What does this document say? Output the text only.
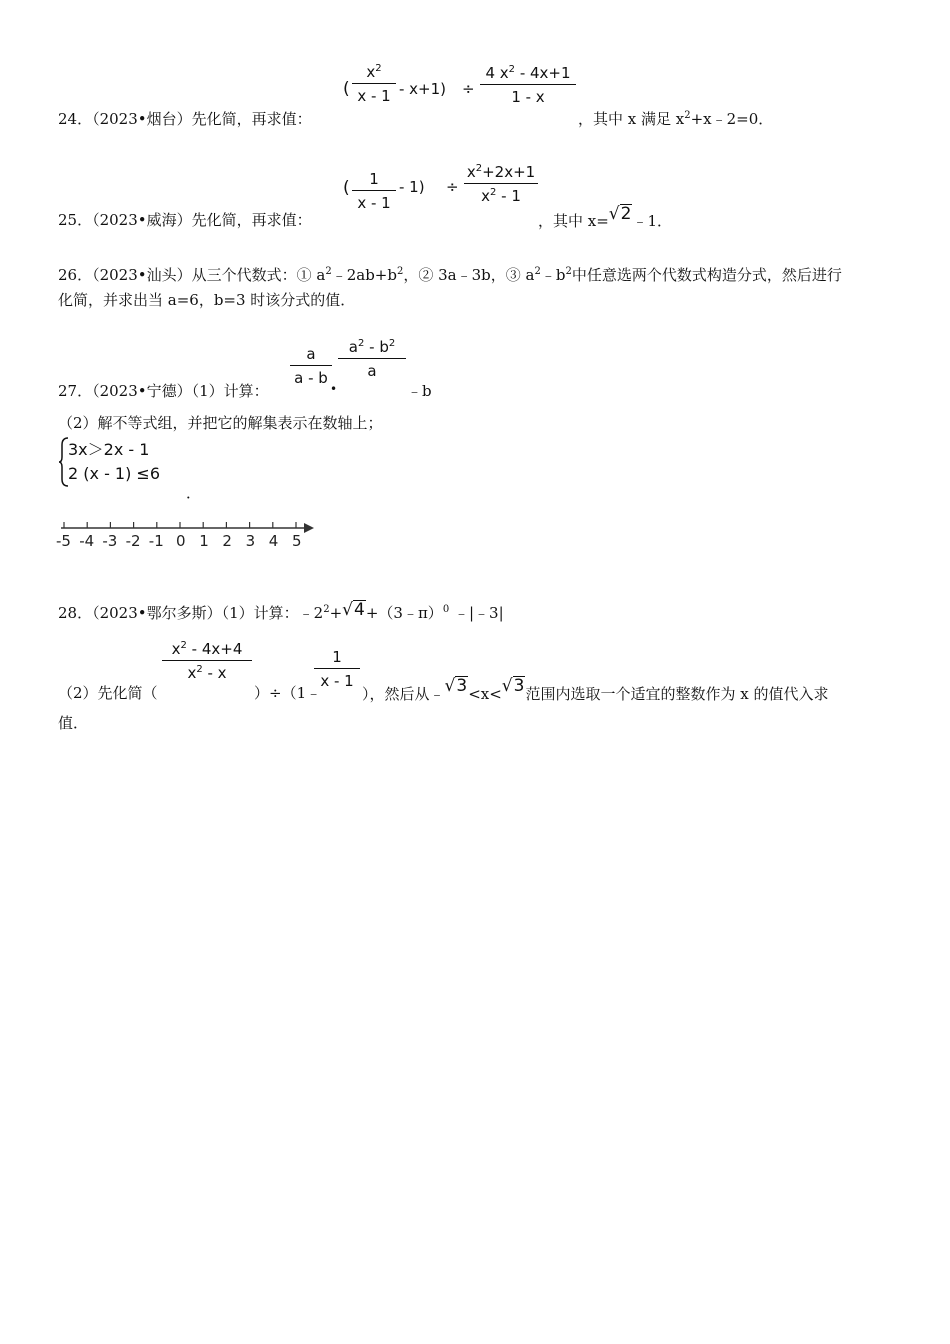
(
$x^2$
x - 1 - x+1) ÷
4 $x^2 - 4x+1$
1 - x
24．（2023•烟台）先化简，再求值：	，其中 x 满足 $x^2+x﹣2=0$．
(	1
x - 1
- 1) ÷
$x^2+2x+1$
$x^2 - 1$
25．（2023•威海）先化简，再求值：	，其中 x=√2﹣1．
26．（2023•汕头）从三个代数式：① $a^2﹣2ab+b^2$，② 3a﹣3b，③ $a^2﹣b^2$中任意选两个代数式构造分式，然后进行
化简，并求出当 a=6，b=3 时该分式的值．
a
a - b
•
$a^2 - b^2$
a
27．（2023•宁德）（1）计算：	﹣b
（2）解不等式组，并把它的解集表示在数轴上；
3x＞2x - 1
2 (x - 1) ≤6
．
-5 -4 -3 -2 -1 0 1 2 3 4 5
28．（2023•鄂尔多斯）（1）计算：$﹣2^2+√4+(3﹣\pi)^0$ ﹣|﹣3|
$x^2 - 4x+4$
$x^2$ - x
1
x - 1
（2）先化简（	）÷（1﹣	），然后从﹣√3<x<√3范围内选取一个适宜的整数作为 x 的值代入求
值．
